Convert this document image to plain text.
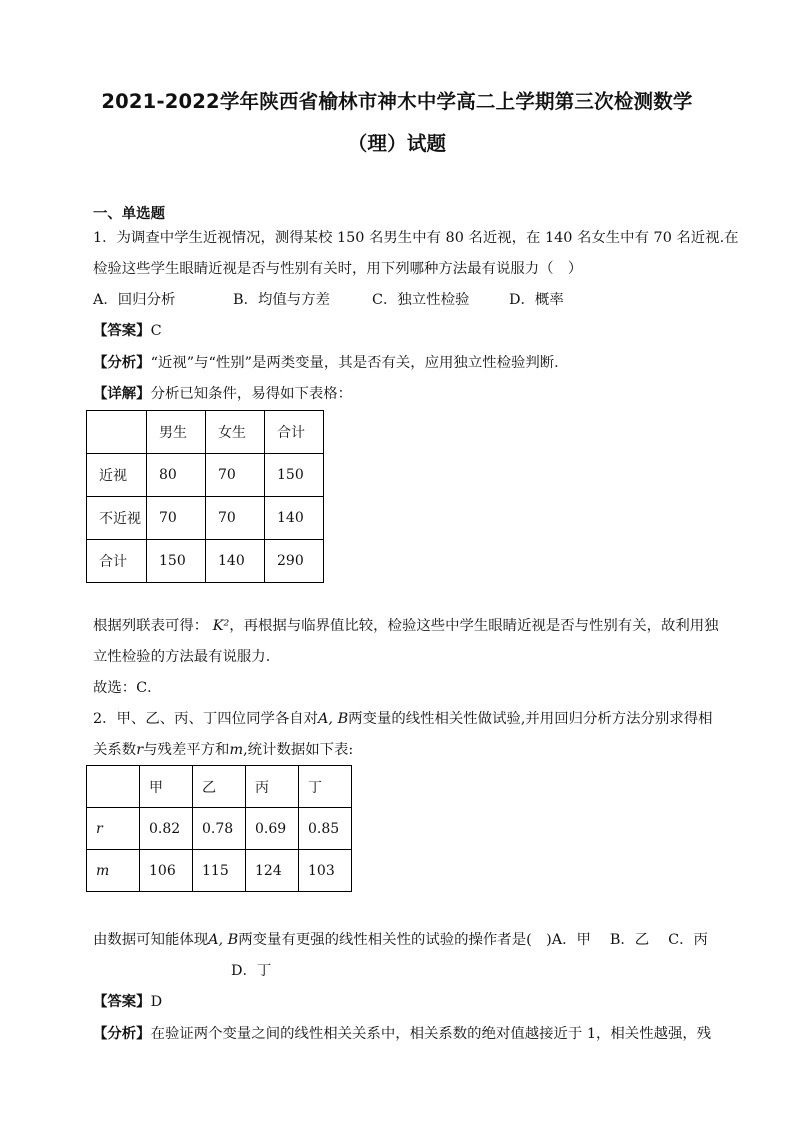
2021-2022学年陕西省榆林市神木中学高二上学期第三次检测数学
（理）试题
一、单选题
1．为调查中学生近视情况，测得某校 150 名男生中有 80 名近视，在 140 名女生中有 70 名近视.在
检验这些学生眼睛近视是否与性别有关时，用下列哪种方法最有说服力（　）
A．回归分析	B．均值与方差	C．独立性检验	D．概率
【答案】C
【分析】“近视”与“性别”是两类变量，其是否有关，应用独立性检验判断．
【详解】分析已知条件，易得如下表格：
	男生	女生	合计
近视	80	70	150
不近视	70	70	140
合计	150	140	290
根据列联表可得： K²，再根据与临界值比较，检验这些中学生眼睛近视是否与性别有关，故利用独
立性检验的方法最有说服力．
故选：C．
2．甲、乙、丙、丁四位同学各自对A, B两变量的线性相关性做试验,并用回归分析方法分别求得相
关系数r与残差平方和m,统计数据如下表:
	甲	乙	丙	丁
r	0.82	0.78	0.69	0.85
m	106	115	124	103
由数据可知能体现A, B两变量有更强的线性相关性的试验的操作者是(　)A．甲　 B．乙　 C．丙
D．丁
【答案】D
【分析】在验证两个变量之间的线性相关关系中，相关系数的绝对值越接近于 1，相关性越强，残
